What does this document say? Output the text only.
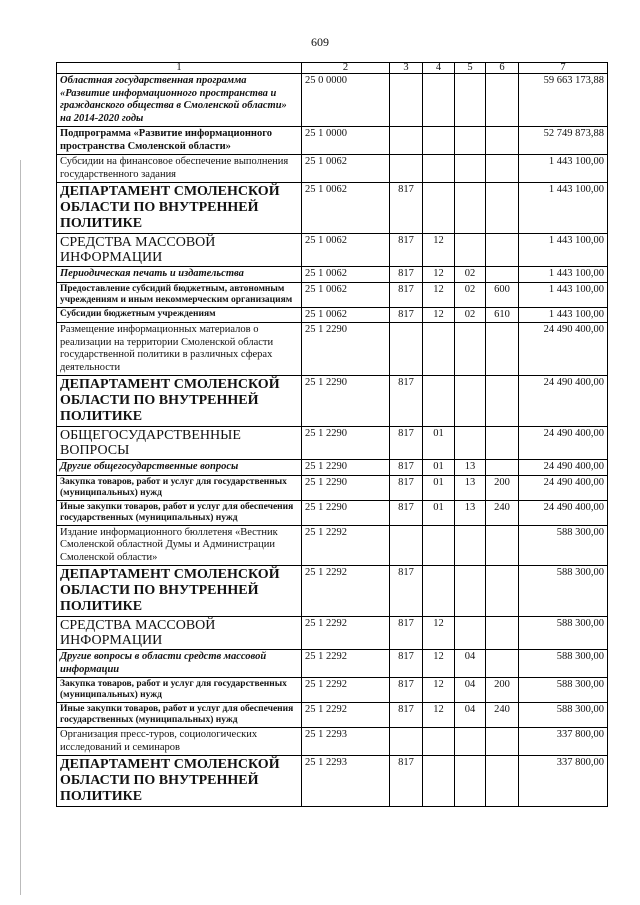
609
1	2	3	4	5	6	7
Областная государственная программа «Развитие информационного пространства и гражданского общества в Смоленской области» на 2014-2020 годы	25 0 0000					59 663 173,88
Подпрограмма «Развитие информационного пространства Смоленской области»	25 1 0000					52 749 873,88
Субсидии на финансовое обеспечение выполнения государственного задания	25 1 0062					1 443 100,00
ДЕПАРТАМЕНТ СМОЛЕНСКОЙ ОБЛАСТИ ПО ВНУТРЕННЕЙ ПОЛИТИКЕ	25 1 0062	817				1 443 100,00
СРЕДСТВА МАССОВОЙ ИНФОРМАЦИИ	25 1 0062	817	12			1 443 100,00
Периодическая печать и издательства	25 1 0062	817	12	02		1 443 100,00
Предоставление субсидий бюджетным, автономным учреждениям и иным некоммерческим организациям	25 1 0062	817	12	02	600	1 443 100,00
Субсидии бюджетным учреждениям	25 1 0062	817	12	02	610	1 443 100,00
Размещение информационных материалов о реализации на территории Смоленской области государственной политики в различных сферах деятельности	25 1 2290					24 490 400,00
ДЕПАРТАМЕНТ СМОЛЕНСКОЙ ОБЛАСТИ ПО ВНУТРЕННЕЙ ПОЛИТИКЕ	25 1 2290	817				24 490 400,00
ОБЩЕГОСУДАРСТВЕННЫЕ ВОПРОСЫ	25 1 2290	817	01			24 490 400,00
Другие общегосударственные вопросы	25 1 2290	817	01	13		24 490 400,00
Закупка товаров, работ и услуг для государственных (муниципальных) нужд	25 1 2290	817	01	13	200	24 490 400,00
Иные закупки товаров, работ и услуг для обеспечения государственных (муниципальных) нужд	25 1 2290	817	01	13	240	24 490 400,00
Издание информационного бюллетеня «Вестник Смоленской областной Думы и Администрации Смоленской области»	25 1 2292					588 300,00
ДЕПАРТАМЕНТ СМОЛЕНСКОЙ ОБЛАСТИ ПО ВНУТРЕННЕЙ ПОЛИТИКЕ	25 1 2292	817				588 300,00
СРЕДСТВА МАССОВОЙ ИНФОРМАЦИИ	25 1 2292	817	12			588 300,00
Другие вопросы в области средств массовой информации	25 1 2292	817	12	04		588 300,00
Закупка товаров, работ и услуг для государственных (муниципальных) нужд	25 1 2292	817	12	04	200	588 300,00
Иные закупки товаров, работ и услуг для обеспечения государственных (муниципальных) нужд	25 1 2292	817	12	04	240	588 300,00
Организация пресс-туров, социологических исследований и семинаров	25 1 2293					337 800,00
ДЕПАРТАМЕНТ СМОЛЕНСКОЙ ОБЛАСТИ ПО ВНУТРЕННЕЙ ПОЛИТИКЕ	25 1 2293	817				337 800,00
